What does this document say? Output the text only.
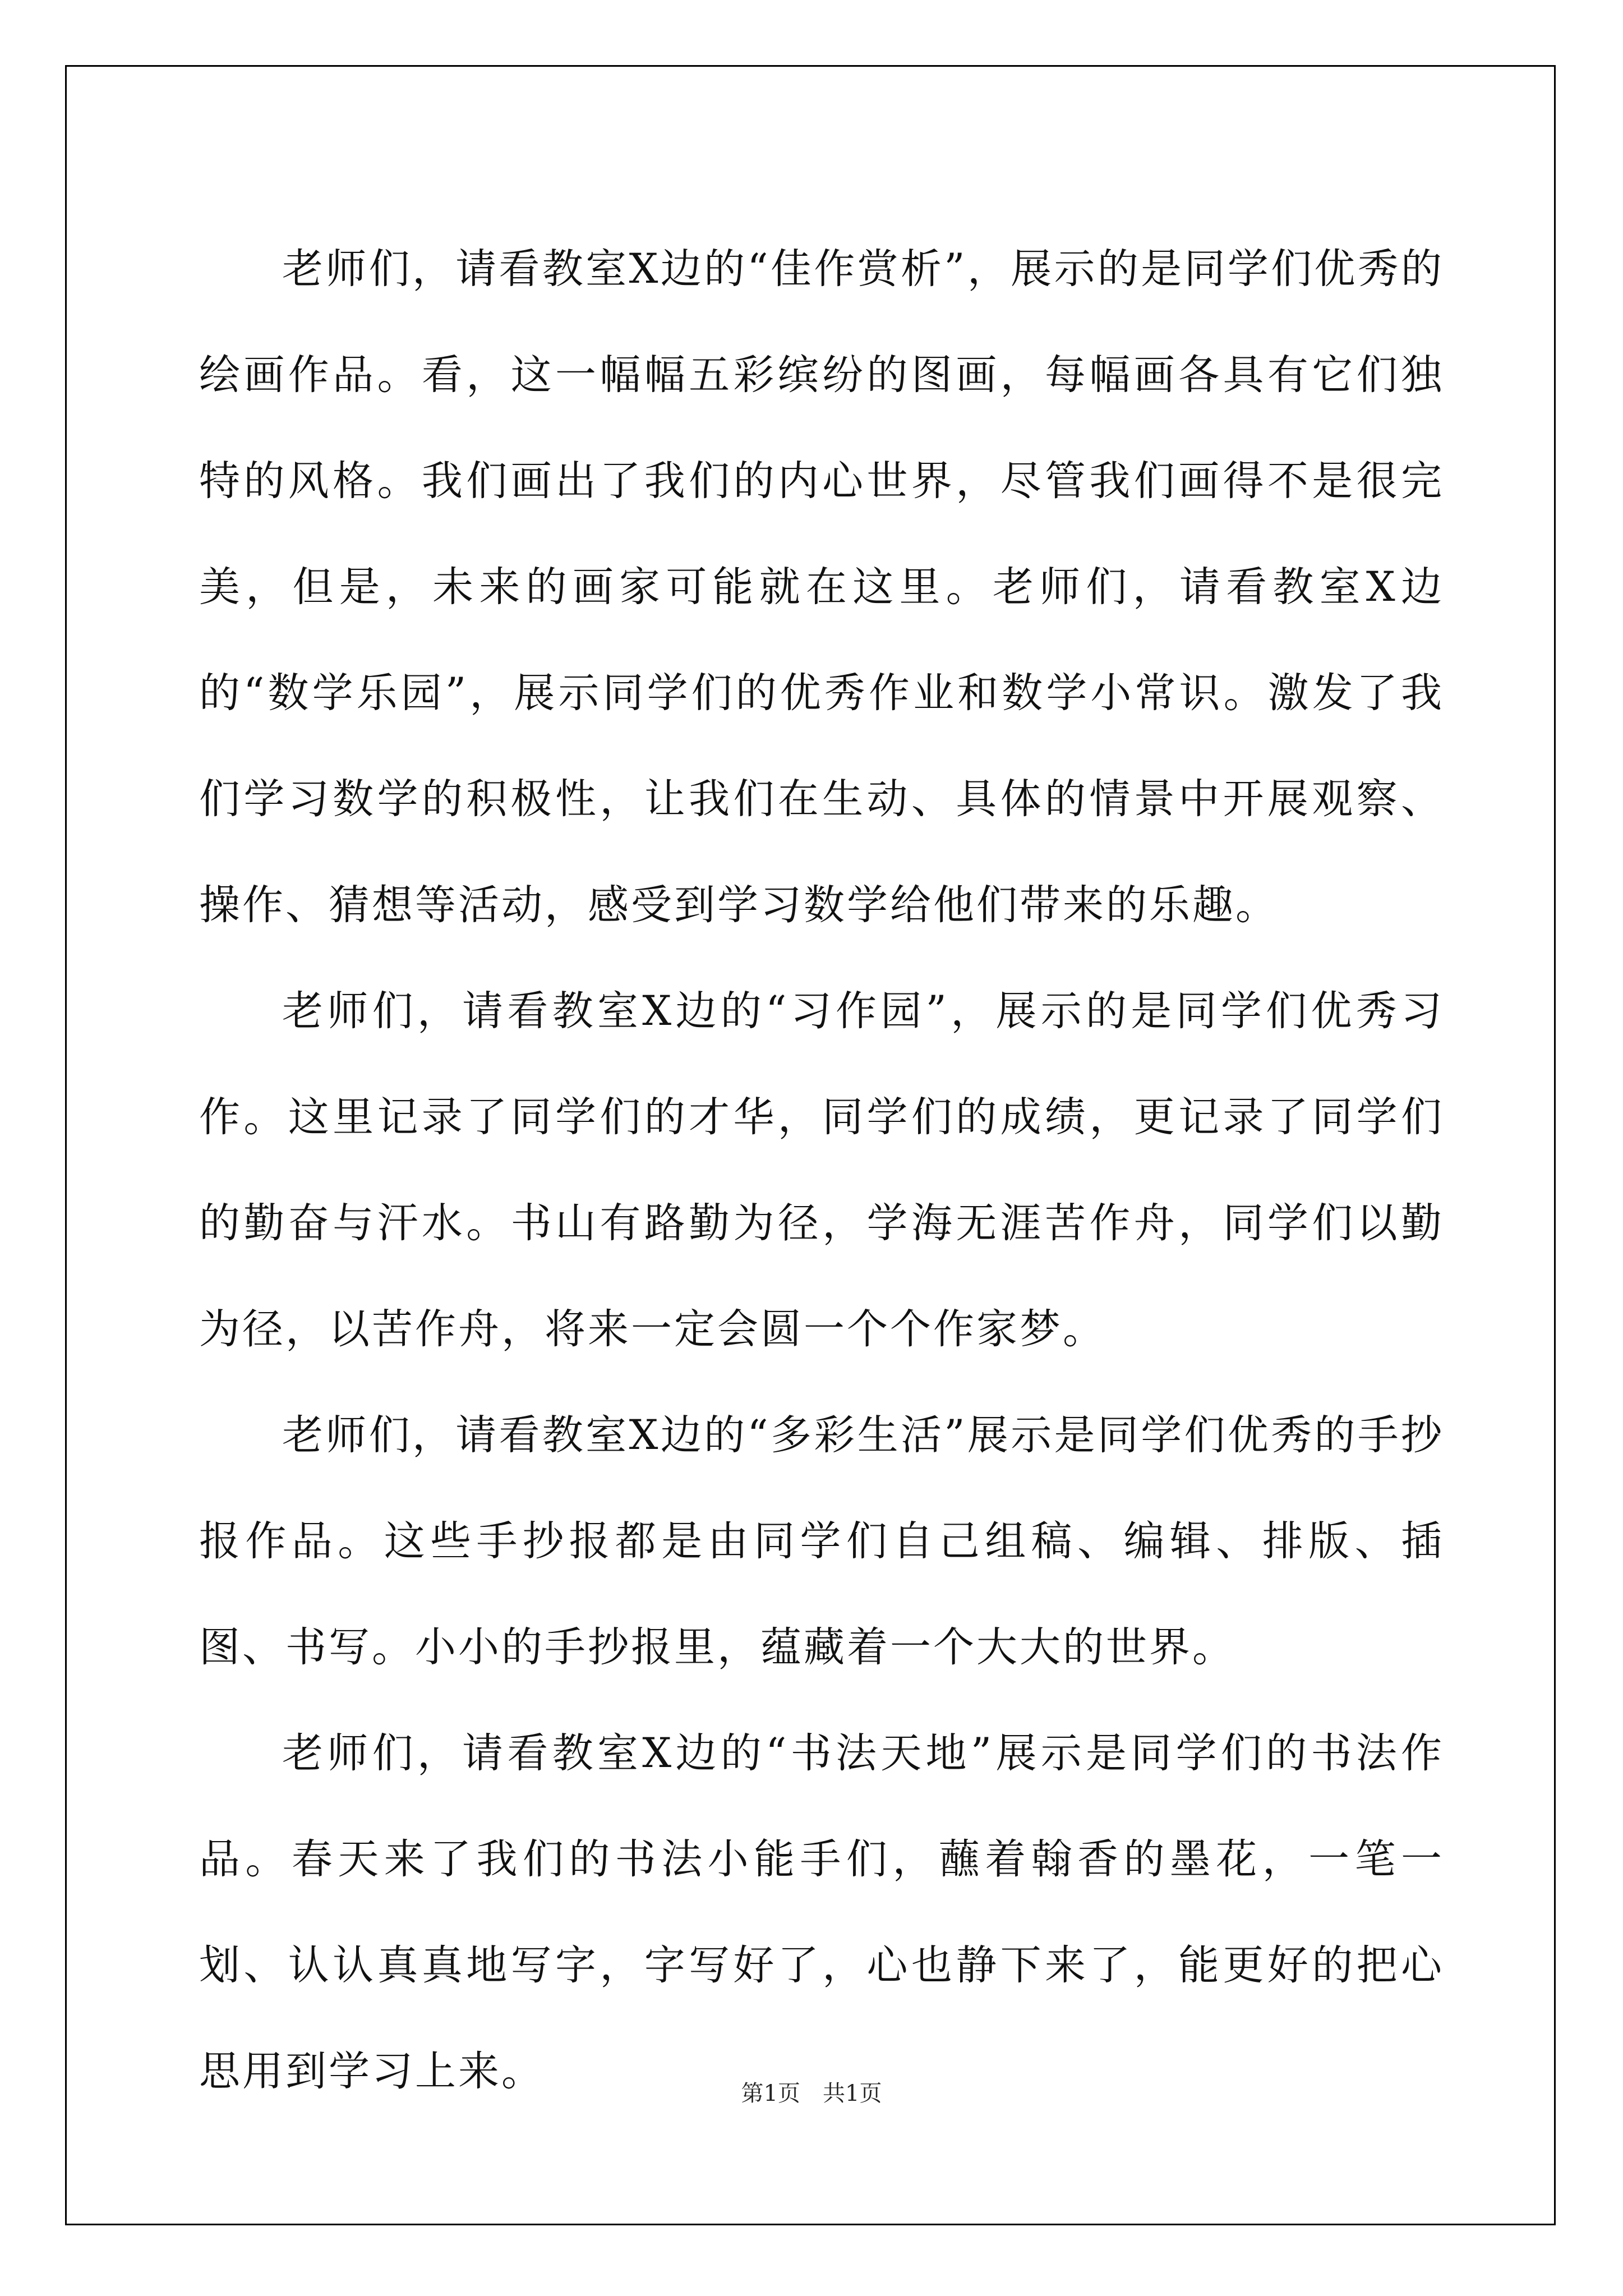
老师们，请看教室X边的“佳作赏析”，展示的是同学们优秀的绘画作品。看，这一幅幅五彩缤纷的图画，每幅画各具有它们独特的风格。我们画出了我们的内心世界，尽管我们画得不是很完美，但是，未来的画家可能就在这里。老师们，请看教室X边的“数学乐园”，展示同学们的优秀作业和数学小常识。激发了我们学习数学的积极性，让我们在生动、具体的情景中开展观察、操作、猜想等活动，感受到学习数学给他们带来的乐趣。

老师们，请看教室X边的“习作园”，展示的是同学们优秀习作。这里记录了同学们的才华，同学们的成绩，更记录了同学们的勤奋与汗水。书山有路勤为径，学海无涯苦作舟，同学们以勤为径，以苦作舟，将来一定会圆一个个作家梦。

老师们，请看教室X边的“多彩生活”展示是同学们优秀的手抄报作品。这些手抄报都是由同学们自己组稿、编辑、排版、插图、书写。小小的手抄报里，蕴藏着一个大大的世界。

老师们，请看教室X边的“书法天地”展示是同学们的书法作品。春天来了我们的书法小能手们，蘸着翰香的墨花，一笔一划、认认真真地写字，字写好了，心也静下来了，能更好的把心思用到学习上来。	第1页 共1页
